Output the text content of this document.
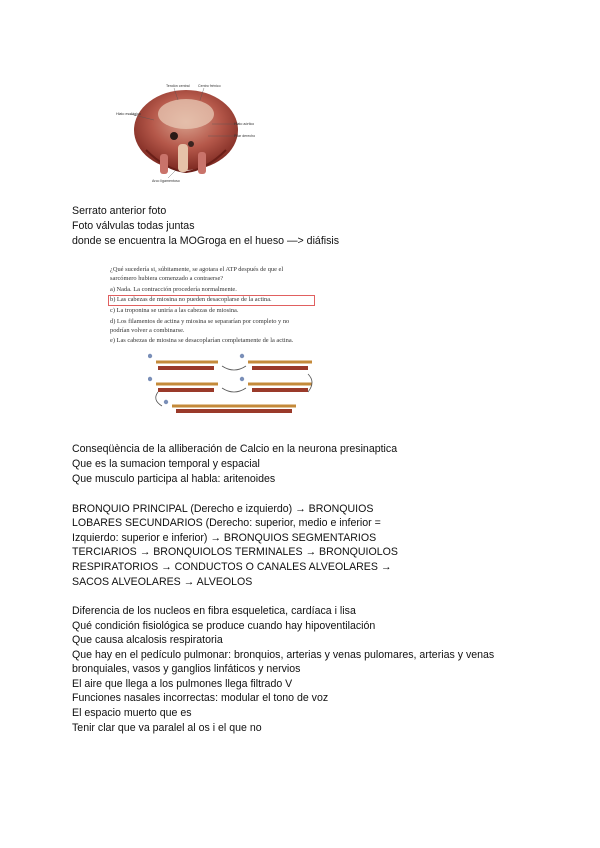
Tendón central Centro frénico
Hiato esofágico
Hiato aórtico
Pilar derecho
Arco ligamentoso
Serrato anterior foto
Foto válvulas todas juntas
donde se encuentra la MOGroga en el hueso —> diáfisis
¿Qué sucedería si, súbitamente, se agotara el ATP después de que el
sarcómero hubiera comenzado a contraerse?
a) Nada. La contracción procedería normalmente.
b) Las cabezas de miosina no pueden desacoplarse de la actina.
c) La troponina se uniría a las cabezas de miosina.
d) Los filamentos de actina y miosina se separarían por completo y no
podrían volver a combinarse.
e) Las cabezas de miosina se desacoplarían completamente de la actina.
Conseqüència de la alliberación de Calcio en la neurona presinaptica
Que es la sumacion temporal y espacial
Que musculo participa al habla: aritenoides
BRONQUIO PRINCIPAL (Derecho e izquierdo) → BRONQUIOS
LOBARES SECUNDARIOS (Derecho: superior, medio e inferior =
Izquierdo: superior e inferior) → BRONQUIOS SEGMENTARIOS
TERCIARIOS → BRONQUIOLOS TERMINALES → BRONQUIOLOS
RESPIRATORIOS → CONDUCTOS O CANALES ALVEOLARES →
SACOS ALVEOLARES → ALVEOLOS
Diferencia de los nucleos en fibra esqueletica, cardíaca i lisa
Qué condición fisiológica se produce cuando hay hipoventilación
Que causa alcalosis respiratoria
Que hay en el pedículo pulmonar: bronquios, arterias y venas pulomares, arterias y venas
bronquiales, vasos y ganglios linfáticos y nervios
El aire que llega a los pulmones llega filtrado V
Funciones nasales incorrectas: modular el tono de voz
El espacio muerto que es
Tenir clar que va paralel al os i el que no
